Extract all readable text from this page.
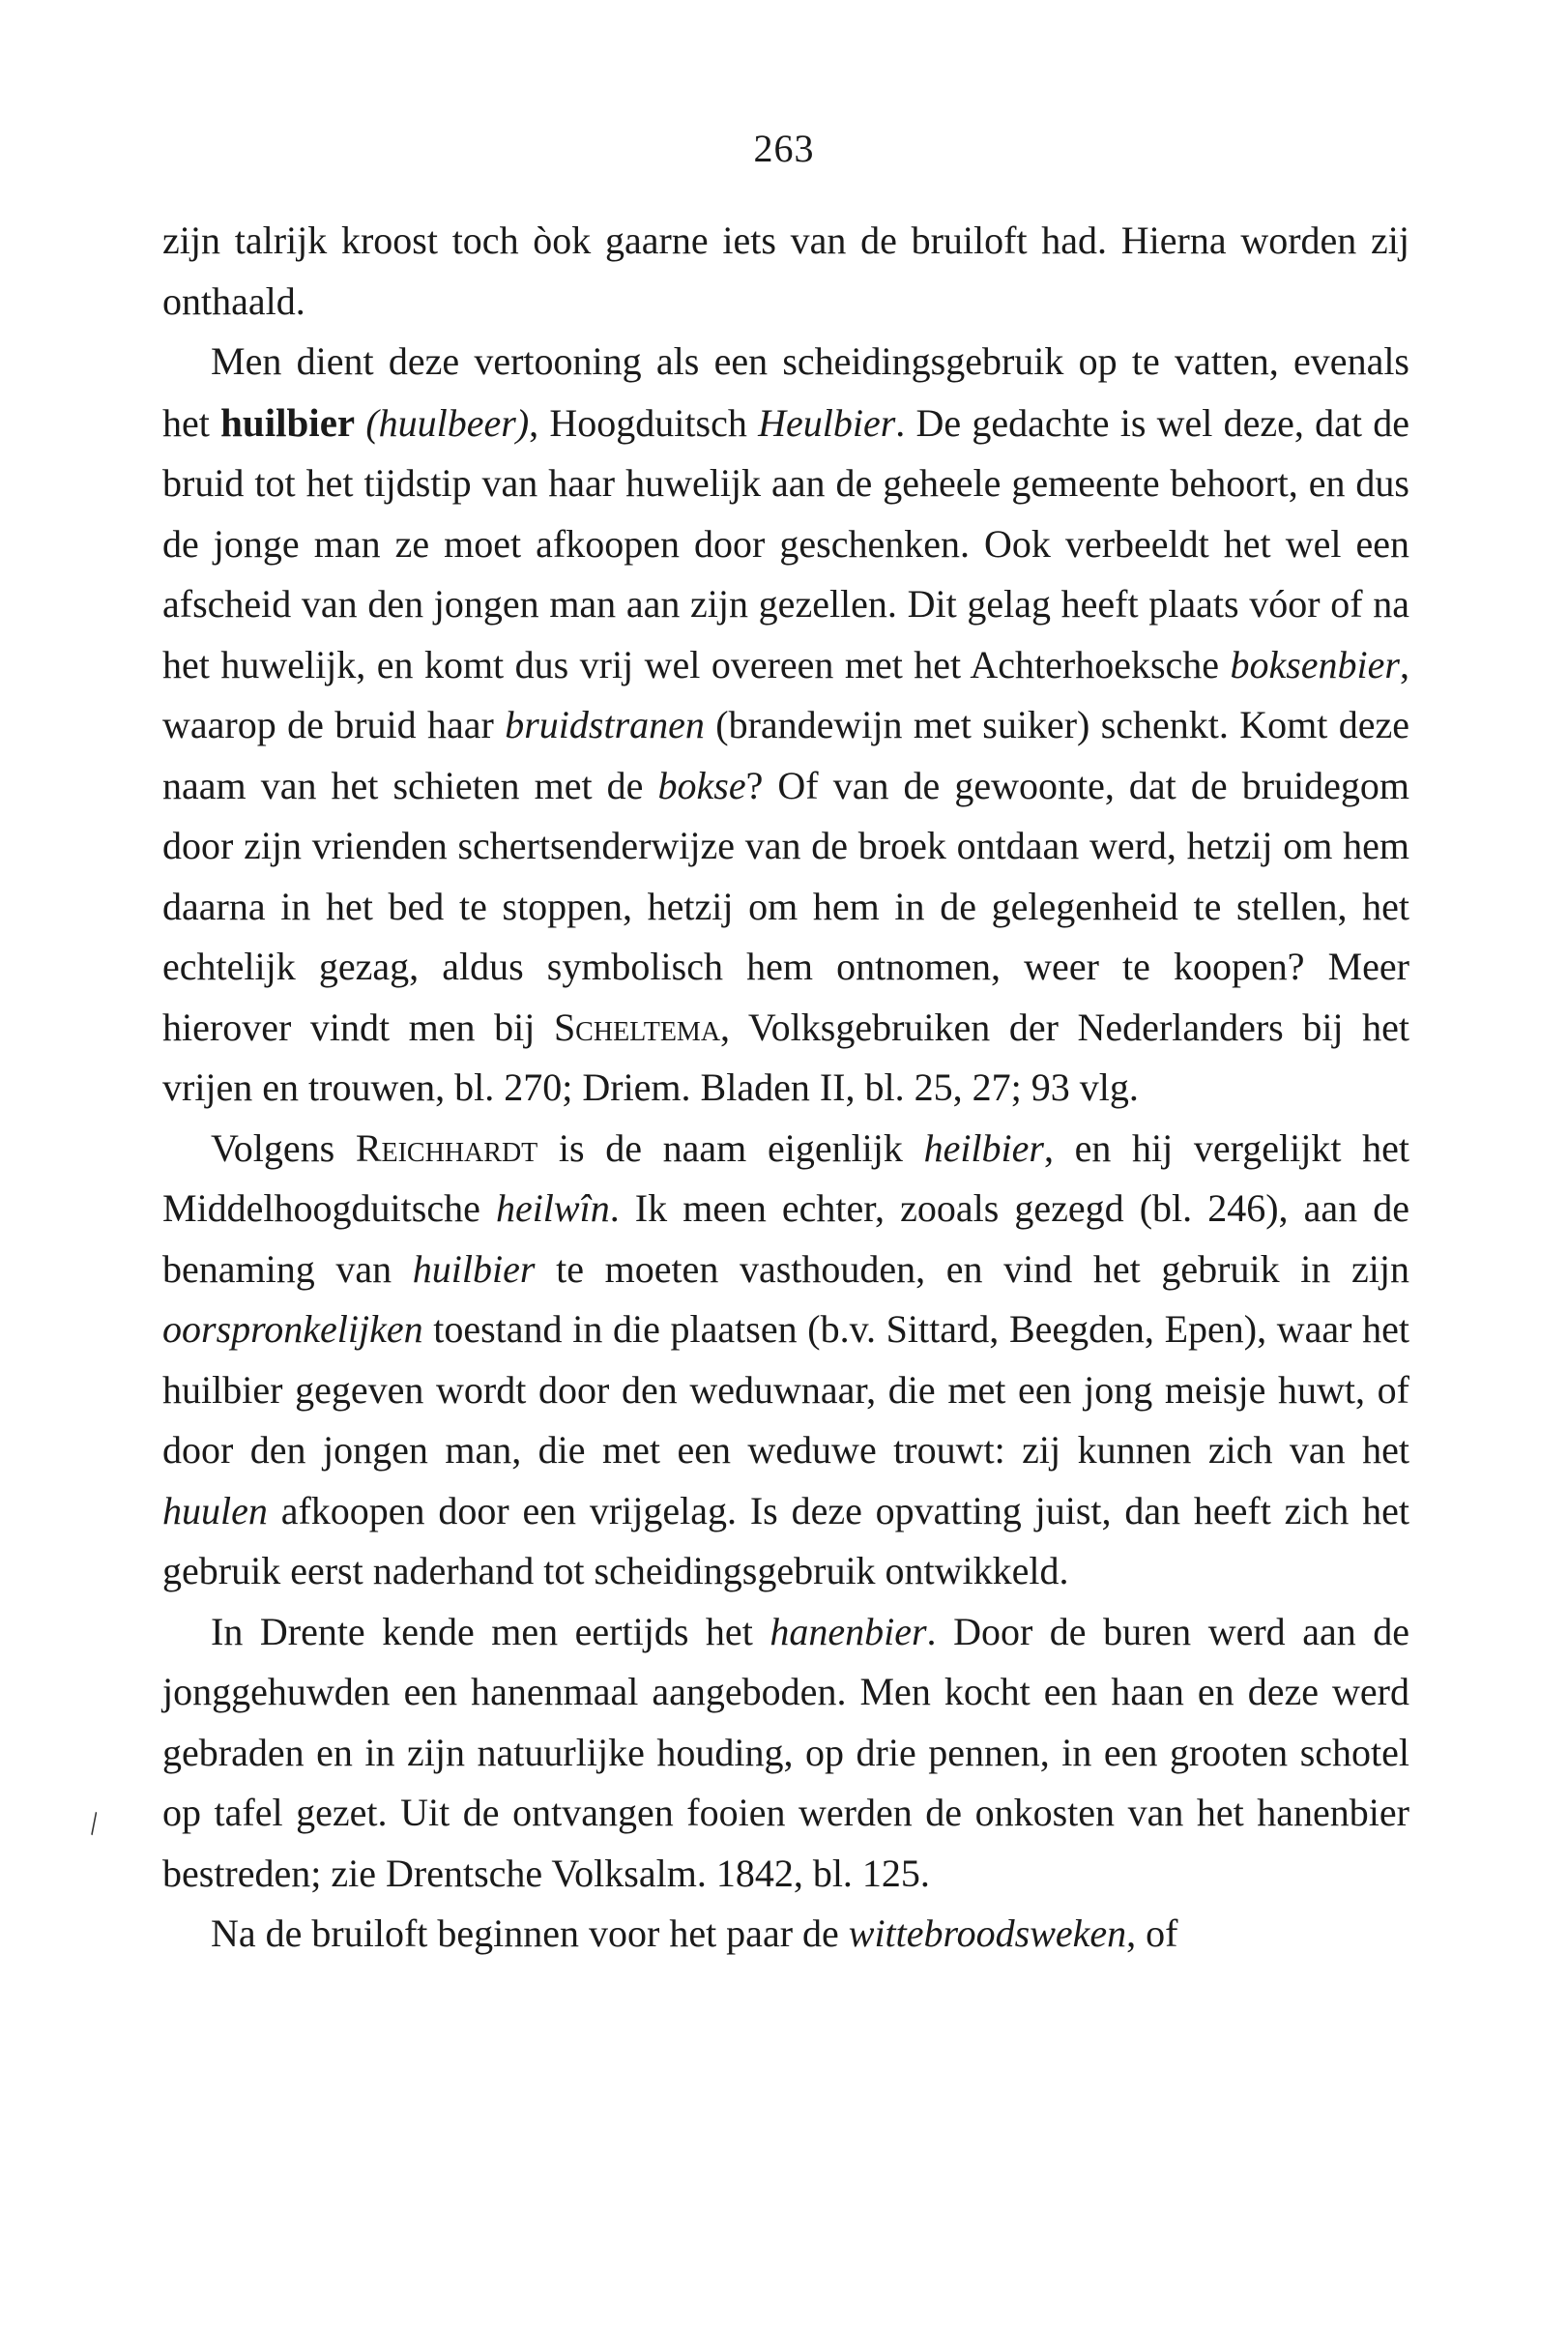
263
\

zijn talrijk kroost toch òok gaarne iets van de bruiloft had. Hierna worden zij onthaald.

Men dient deze vertooning als een scheidingsgebruik op te vatten, evenals het huilbier (huulbeer), Hoogduitsch Heulbier. De gedachte is wel deze, dat de bruid tot het tijdstip van haar huwelijk aan de geheele gemeente behoort, en dus de jonge man ze moet afkoopen door geschenken. Ook verbeeldt het wel een afscheid van den jongen man aan zijn gezellen. Dit gelag heeft plaats vóor of na het huwelijk, en komt dus vrij wel overeen met het Achterhoeksche boksenbier, waarop de bruid haar bruidstranen (brandewijn met suiker) schenkt. Komt deze naam van het schieten met de bokse? Of van de gewoonte, dat de bruidegom door zijn vrienden schertsenderwijze van de broek ontdaan werd, hetzij om hem daarna in het bed te stoppen, hetzij om hem in de gelegenheid te stellen, het echtelijk gezag, aldus symbolisch hem ontnomen, weer te koopen? Meer hierover vindt men bij Scheltema, Volksgebruiken der Nederlanders bij het vrijen en trouwen, bl. 270; Driem. Bladen II, bl. 25, 27; 93 vlg.

Volgens Reichhardt is de naam eigenlijk heilbier, en hij vergelijkt het Middelhoogduitsche heilwîn. Ik meen echter, zooals gezegd (bl. 246), aan de benaming van huilbier te moeten vasthouden, en vind het gebruik in zijn oorspronkelijken toestand in die plaatsen (b.v. Sittard, Beegden, Epen), waar het huilbier gegeven wordt door den weduwnaar, die met een jong meisje huwt, of door den jongen man, die met een weduwe trouwt: zij kunnen zich van het huulen afkoopen door een vrijgelag. Is deze opvatting juist, dan heeft zich het gebruik eerst naderhand tot scheidingsgebruik ontwikkeld.

In Drente kende men eertijds het hanenbier. Door de buren werd aan de jonggehuwden een hanenmaal aangeboden. Men kocht een haan en deze werd gebraden en in zijn natuurlijke houding, op drie pennen, in een grooten schotel op tafel gezet. Uit de ontvangen fooien werden de onkosten van het hanenbier bestreden; zie Drentsche Volksalm. 1842, bl. 125.

Na de bruiloft beginnen voor het paar de wittebroodsweken, of
